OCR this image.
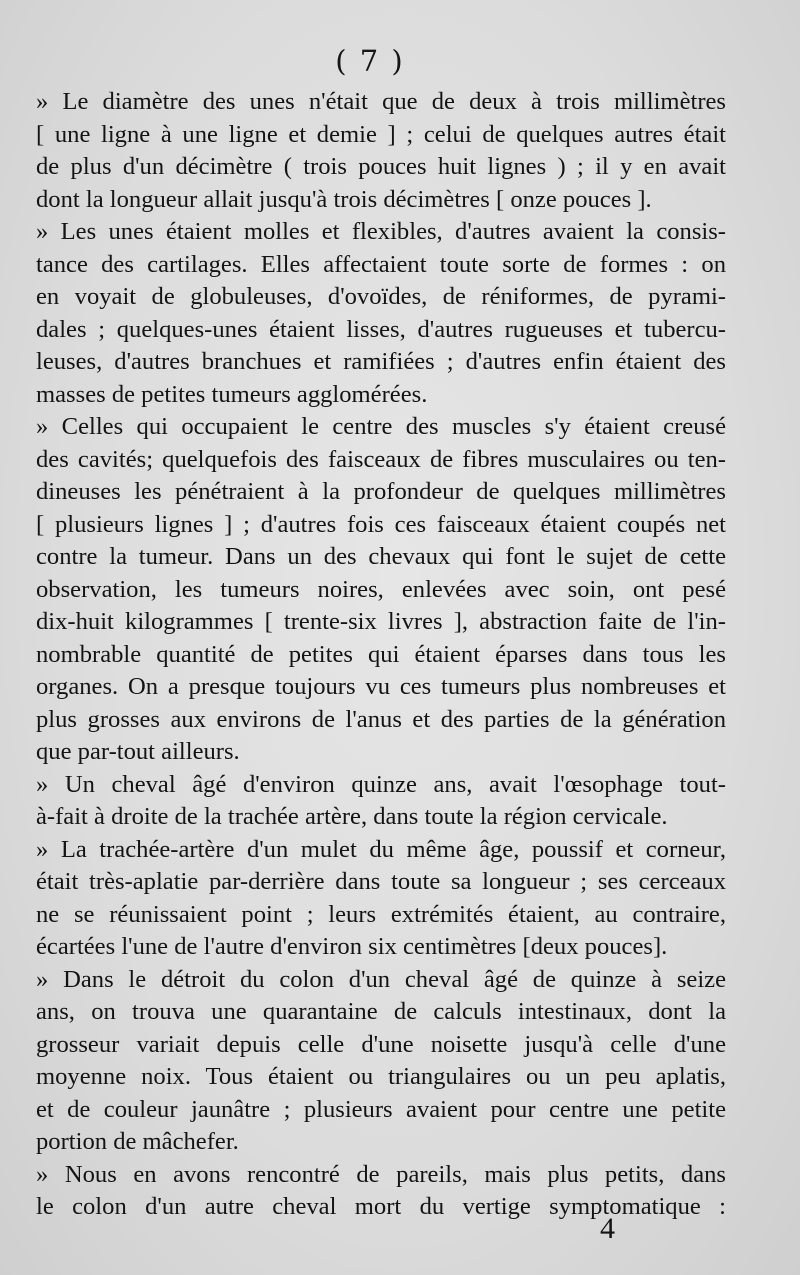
( 7 )
» Le diamètre des unes n'était que de deux à trois millimètres
[ une ligne à une ligne et demie ] ; celui de quelques autres était
de plus d'un décimètre ( trois pouces huit lignes ) ; il y en avait
dont la longueur allait jusqu'à trois décimètres [ onze pouces ].
» Les unes étaient molles et flexibles, d'autres avaient la consis-
tance des cartilages. Elles affectaient toute sorte de formes : on
en voyait de globuleuses, d'ovoïdes, de réniformes, de pyrami-
dales ; quelques-unes étaient lisses, d'autres rugueuses et tubercu-
leuses, d'autres branchues et ramifiées ; d'autres enfin étaient des
masses de petites tumeurs agglomérées.
» Celles qui occupaient le centre des muscles s'y étaient creusé
des cavités; quelquefois des faisceaux de fibres musculaires ou ten-
dineuses les pénétraient à la profondeur de quelques millimètres
[ plusieurs lignes ] ; d'autres fois ces faisceaux étaient coupés net
contre la tumeur. Dans un des chevaux qui font le sujet de cette
observation, les tumeurs noires, enlevées avec soin, ont pesé
dix-huit kilogrammes [ trente-six livres ], abstraction faite de l'in-
nombrable quantité de petites qui étaient éparses dans tous les
organes. On a presque toujours vu ces tumeurs plus nombreuses et
plus grosses aux environs de l'anus et des parties de la génération
que par-tout ailleurs.
» Un cheval âgé d'environ quinze ans, avait l'œsophage tout-
à-fait à droite de la trachée artère, dans toute la région cervicale.
» La trachée-artère d'un mulet du même âge, poussif et corneur,
était très-aplatie par-derrière dans toute sa longueur ; ses cerceaux
ne se réunissaient point ; leurs extrémités étaient, au contraire,
écartées l'une de l'autre d'environ six centimètres [deux pouces].
» Dans le détroit du colon d'un cheval âgé de quinze à seize
ans, on trouva une quarantaine de calculs intestinaux, dont la
grosseur variait depuis celle d'une noisette jusqu'à celle d'une
moyenne noix. Tous étaient ou triangulaires ou un peu aplatis,
et de couleur jaunâtre ; plusieurs avaient pour centre une petite
portion de mâchefer.
» Nous en avons rencontré de pareils, mais plus petits, dans
le colon d'un autre cheval mort du vertige symptomatique :
4
